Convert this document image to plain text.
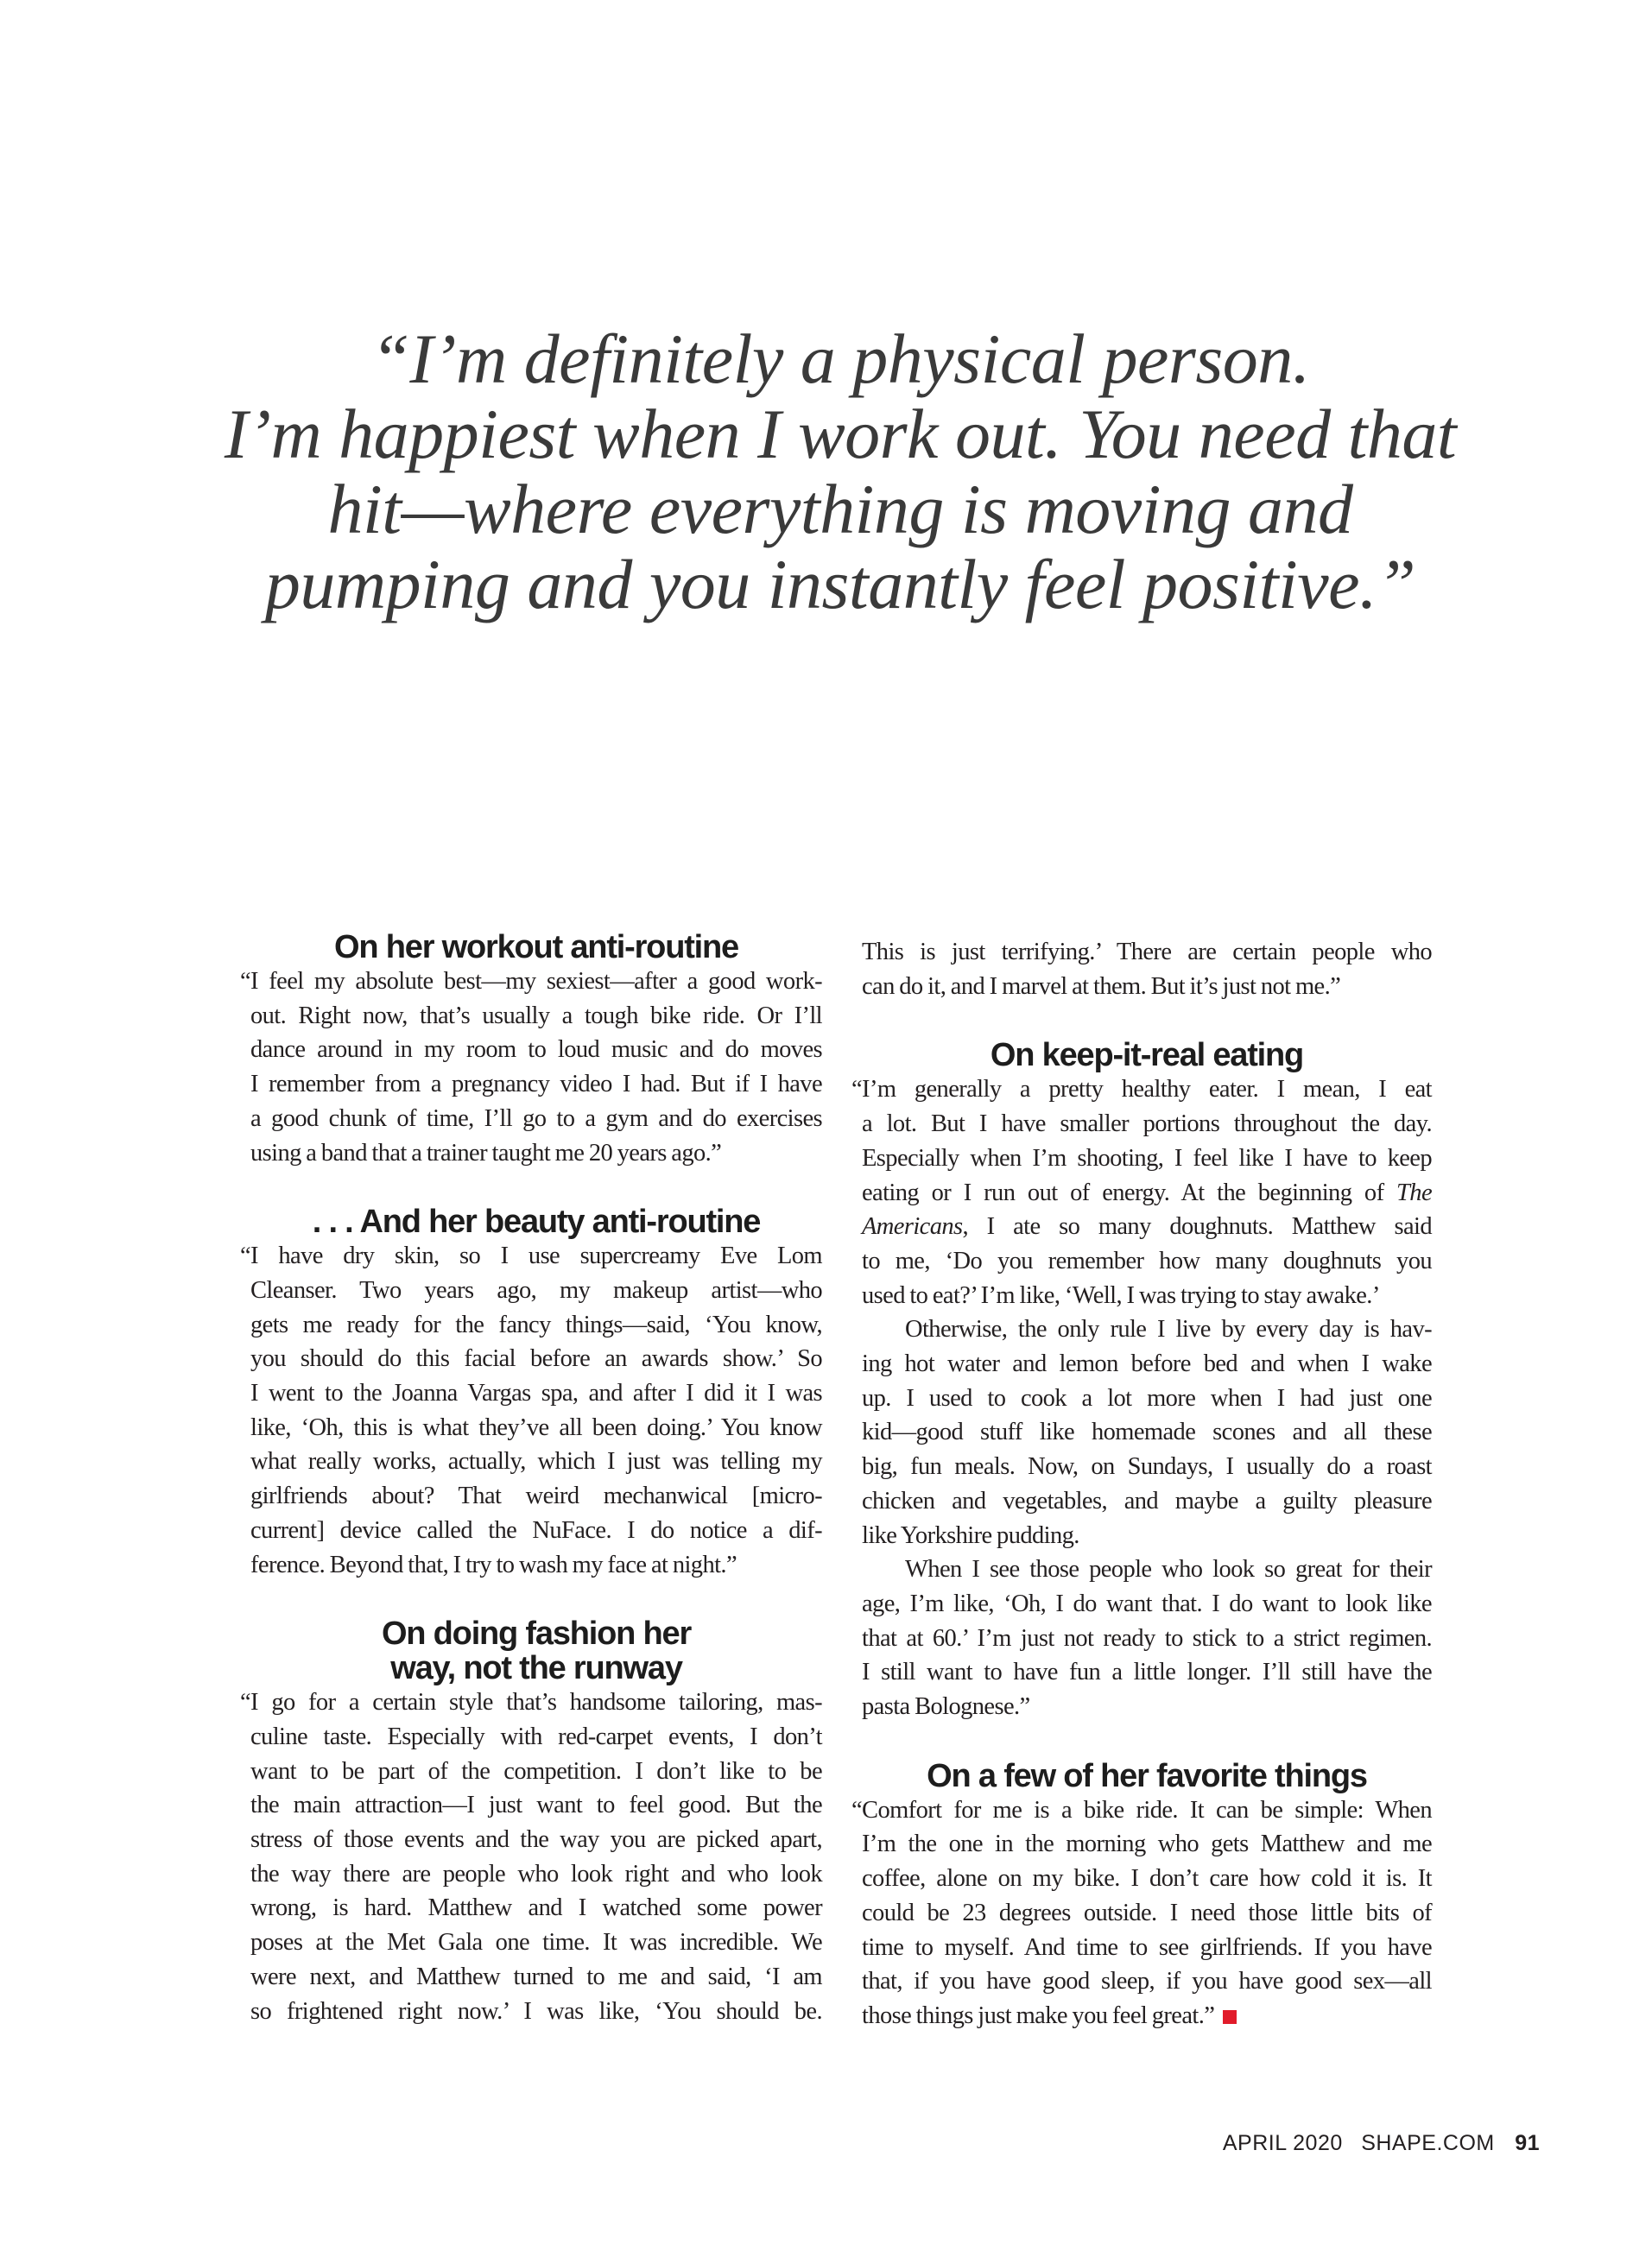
“I’m definitely a physical person.
I’m happiest when I work out. You need that
hit—where everything is moving and
pumping and you instantly feel positive.”
On her workout anti-routine
“I feel my absolute best—my sexiest—after a good work-
out. Right now, that’s usually a tough bike ride. Or I’ll
dance around in my room to loud music and do moves
I remember from a pregnancy video I had. But if I have
a good chunk of time, I’ll go to a gym and do exercises
using a band that a trainer taught me 20 years ago.”
. . . And her beauty anti-routine
“I have dry skin, so I use supercreamy Eve Lom
Cleanser. Two years ago, my makeup artist—who
gets me ready for the fancy things—said, ‘You know,
you should do this facial before an awards show.’ So
I went to the Joanna Vargas spa, and after I did it I was
like, ‘Oh, this is what they’ve all been doing.’ You know
what really works, actually, which I just was telling my
girlfriends about? That weird mechanwical [micro-
current] device called the NuFace. I do notice a dif-
ference. Beyond that, I try to wash my face at night.”
On doing fashion her
way, not the runway
“I go for a certain style that’s handsome tailoring, mas-
culine taste. Especially with red-carpet events, I don’t
want to be part of the competition. I don’t like to be
the main attraction—I just want to feel good. But the
stress of those events and the way you are picked apart,
the way there are people who look right and who look
wrong, is hard. Matthew and I watched some power
poses at the Met Gala one time. It was incredible. We
were next, and Matthew turned to me and said, ‘I am
so frightened right now.’ I was like, ‘You should be.
This is just terrifying.’ There are certain people who
can do it, and I marvel at them. But it’s just not me.”
On keep-it-real eating
“I’m generally a pretty healthy eater. I mean, I eat
a lot. But I have smaller portions throughout the day.
Especially when I’m shooting, I feel like I have to keep
eating or I run out of energy. At the beginning of The
Americans, I ate so many doughnuts. Matthew said
to me, ‘Do you remember how many doughnuts you
used to eat?’ I’m like, ‘Well, I was trying to stay awake.’
Otherwise, the only rule I live by every day is hav-
ing hot water and lemon before bed and when I wake
up. I used to cook a lot more when I had just one
kid—good stuff like homemade scones and all these
big, fun meals. Now, on Sundays, I usually do a roast
chicken and vegetables, and maybe a guilty pleasure
like Yorkshire pudding.
When I see those people who look so great for their
age, I’m like, ‘Oh, I do want that. I do want to look like
that at 60.’ I’m just not ready to stick to a strict regimen.
I still want to have fun a little longer. I’ll still have the
pasta Bolognese.”
On a few of her favorite things
“Comfort for me is a bike ride. It can be simple: When
I’m the one in the morning who gets Matthew and me
coffee, alone on my bike. I don’t care how cold it is. It
could be 23 degrees outside. I need those little bits of
time to myself. And time to see girlfriends. If you have
that, if you have good sleep, if you have good sex—all
those things just make you feel great.”
APRIL 2020 SHAPE.COM 91
